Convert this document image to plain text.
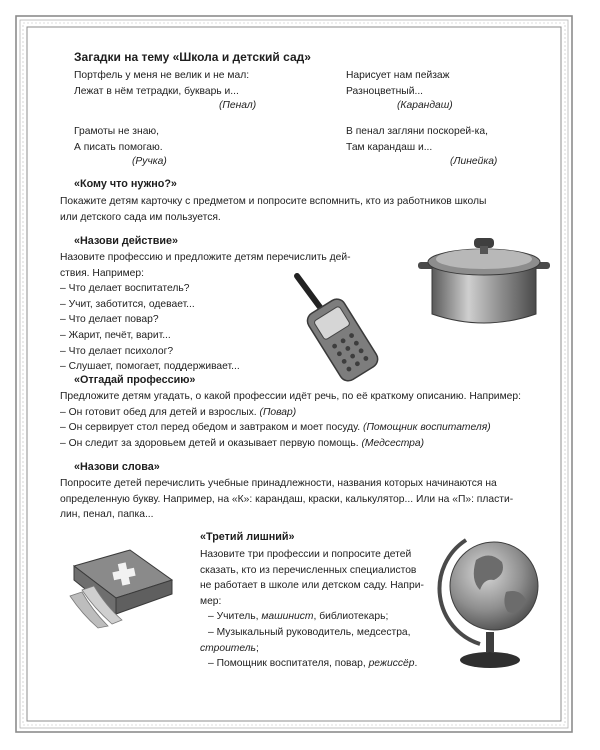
Загадки на тему «Школа и детский сад»
Портфель у меня не велик и не мал:
Лежат в нём тетрадки, букварь и...
(Пенал)
Нарисует нам пейзаж
Разноцветный...
(Карандаш)
Грамоты не знаю,
А писать помогаю.
(Ручка)
В пенал загляни поскорей-ка,
Там карандаш и...
(Линейка)
«Кому что нужно?»
Покажите детям карточку с предметом и попросите вспомнить, кто из работников школы
или детского сада им пользуется.
«Назови действие»
Назовите профессию и предложите детям перечислить дей-
ствия. Например:
– Что делает воспитатель?
– Учит, заботится, одевает...
– Что делает повар?
– Жарит, печёт, варит...
– Что делает психолог?
– Слушает, помогает, поддерживает...
«Отгадай профессию»
Предложите детям угадать, о какой профессии идёт речь, по её краткому описанию. Например:
– Он готовит обед для детей и взрослых. (Повар)
– Он сервирует стол перед обедом и завтраком и моет посуду. (Помощник воспитателя)
– Он следит за здоровьем детей и оказывает первую помощь. (Медсестра)
«Назови слова»
Попросите детей перечислить учебные принадлежности, названия которых начинаются на
определенную букву. Например, на «К»: карандаш, краски, калькулятор... Или на «П»: пласти-
лин, пенал, папка...
«Третий лишний»
Назовите три профессии и попросите детей
сказать, кто из перечисленных специалистов
не работает в школе или детском саду. Напри-
мер:
– Учитель, машинист, библиотекарь;
– Музыкальный руководитель, медсестра,
строитель;
– Помощник воспитателя, повар, режиссёр.
